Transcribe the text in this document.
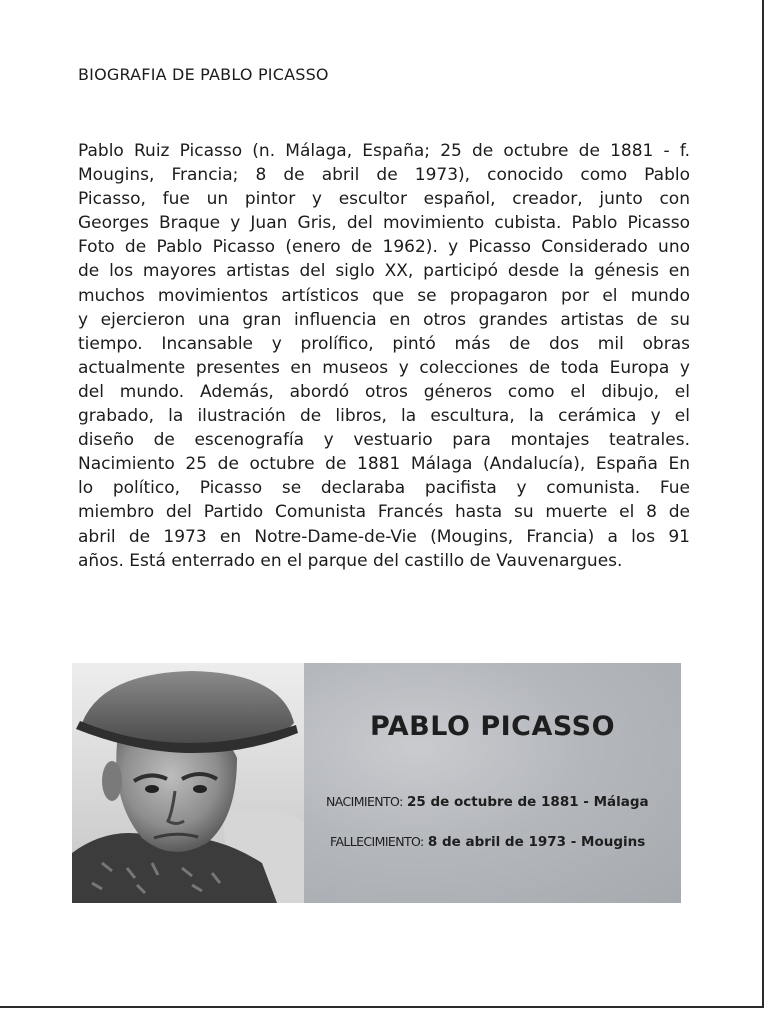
BIOGRAFIA DE PABLO PICASSO
Pablo Ruiz Picasso (n. Málaga, España; 25 de octubre de 1881 - f.
Mougins, Francia; 8 de abril de 1973), conocido como Pablo
Picasso, fue un pintor y escultor español, creador, junto con
Georges Braque y Juan Gris, del movimiento cubista. Pablo Picasso
Foto de Pablo Picasso (enero de 1962). y Picasso Considerado uno
de los mayores artistas del siglo XX, participó desde la génesis en
muchos movimientos artísticos que se propagaron por el mundo
y ejercieron una gran influencia en otros grandes artistas de su
tiempo. Incansable y prolífico, pintó más de dos mil obras
actualmente presentes en museos y colecciones de toda Europa y
del mundo. Además, abordó otros géneros como el dibujo, el
grabado, la ilustración de libros, la escultura, la cerámica y el
diseño de escenografía y vestuario para montajes teatrales.
Nacimiento 25 de octubre de 1881 Málaga (Andalucía), España En
lo político, Picasso se declaraba pacifista y comunista. Fue
miembro del Partido Comunista Francés hasta su muerte el 8 de
abril de 1973 en Notre-Dame-de-Vie (Mougins, Francia) a los 91
años. Está enterrado en el parque del castillo de Vauvenargues.
PABLO PICASSO
NACIMIENTO: 25 de octubre de 1881 - Málaga
FALLECIMIENTO: 8 de abril de 1973 - Mougins
